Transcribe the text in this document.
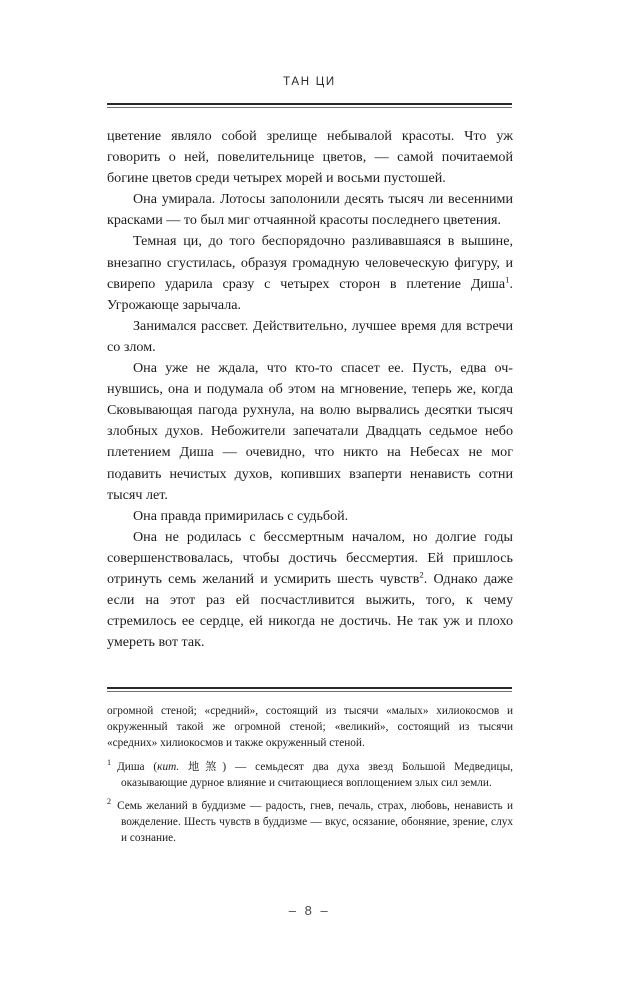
ТАН ЦИ

цветение являло собой зрелище небывалой красоты. Что уж говорить о ней, повелительнице цветов, — самой почитаемой богине цветов среди четырех морей и восьми пустошей.

Она умирала. Лотосы заполонили десять тысяч ли весенними красками — то был миг отчаянной красоты последнего цветения.

Темная ци, до того беспорядочно разливавшаяся в вышине, внезапно сгустилась, образуя громадную человеческую фигуру, и свирепо ударила сразу с четырех сторон в плетение Диша$^1$. Угрожающе зарычала.

Занимался рассвет. Действительно, лучшее время для встречи со злом.

Она уже не ждала, что кто-то спасет ее. Пусть, едва очнувшись, она и подумала об этом на мгновение, теперь же, когда Сковывающая пагода рухнула, на волю вырвались десятки тысяч злобных духов. Небожители запечатали Двадцать седьмое небо плетением Диша — очевидно, что никто на Небесах не мог подавить нечистых духов, копивших взаперти ненависть сотни тысяч лет.

Она правда примирилась с судьбой.

Она не родилась с бессмертным началом, но долгие годы совершенствовалась, чтобы достичь бессмертия. Ей пришлось отринуть семь желаний и усмирить шесть чувств$^2$. Однако даже если на этот раз ей посчастливится выжить, того, к чему стремилось ее сердце, ей никогда не достичь. Не так уж и плохо умереть вот так.

огромной стеной; «средний», состоящий из тысячи «малых» хилиокосмов и окруженный такой же огромной стеной; «великий», состоящий из тысячи «средних» хилиокосмов и также окруженный стеной.

$^1$ Диша (кит. 地煞) — семьдесят два духа звезд Большой Медведицы, оказывающие дурное влияние и считающиеся воплощением злых сил земли.

$^2$ Семь желаний в буддизме — радость, гнев, печаль, страх, любовь, ненависть и вожделение. Шесть чувств в буддизме — вкус, осязание, обоняние, зрение, слух и сознание.

– 8 –
